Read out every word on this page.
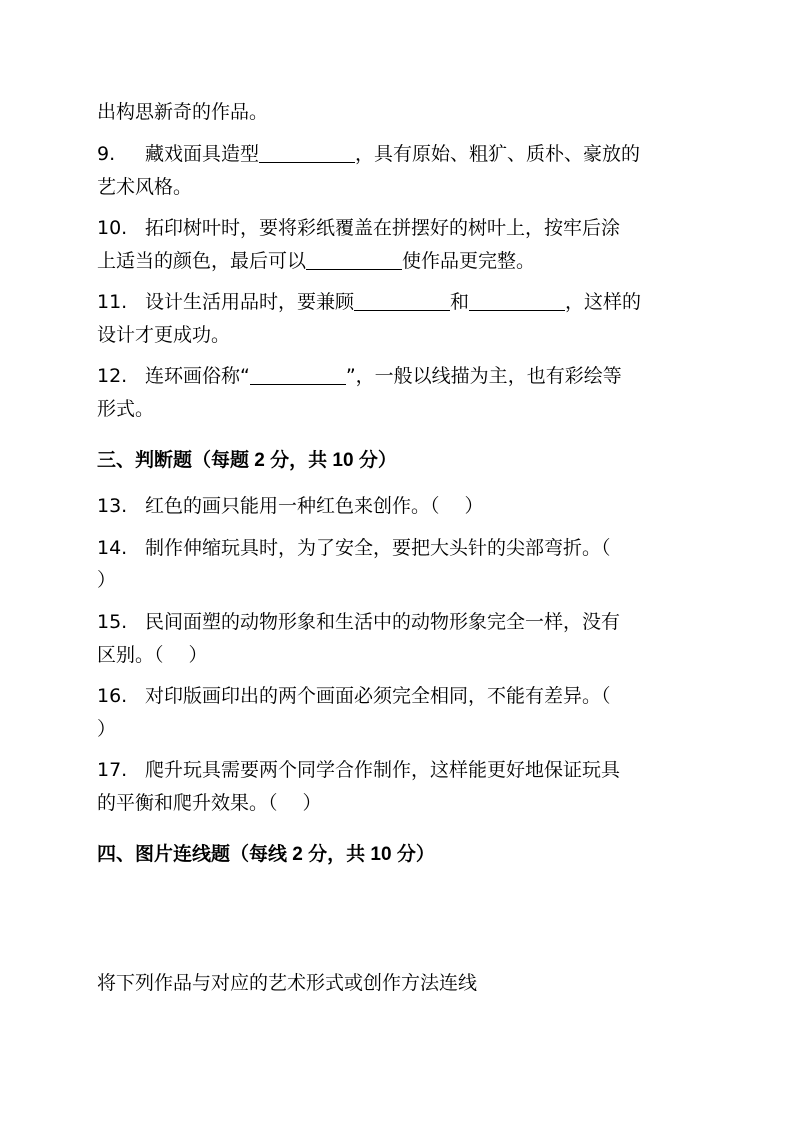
出构思新奇的作品。
9. 藏戏面具造型	，具有原始、粗犷、质朴、豪放的
艺术风格。
10. 拓印树叶时，要将彩纸覆盖在拼摆好的树叶上，按牢后涂
上适当的颜色，最后可以	使作品更完整。
11. 设计生活用品时，要兼顾	和	，这样的
设计才更成功。
12. 连环画俗称“	”，一般以线描为主，也有彩绘等
形式。
三、判断题（每题 2 分，共 10 分）
13. 红色的画只能用一种红色来创作。（　 ）
14. 制作伸缩玩具时，为了安全，要把大头针的尖部弯折。（
）
15. 民间面塑的动物形象和生活中的动物形象完全一样，没有
区别。（　 ）
16. 对印版画印出的两个画面必须完全相同，不能有差异。（
）
17. 爬升玩具需要两个同学合作制作，这样能更好地保证玩具
的平衡和爬升效果。（　 ）
四、图片连线题（每线 2 分，共 10 分）
将下列作品与对应的艺术形式或创作方法连线
